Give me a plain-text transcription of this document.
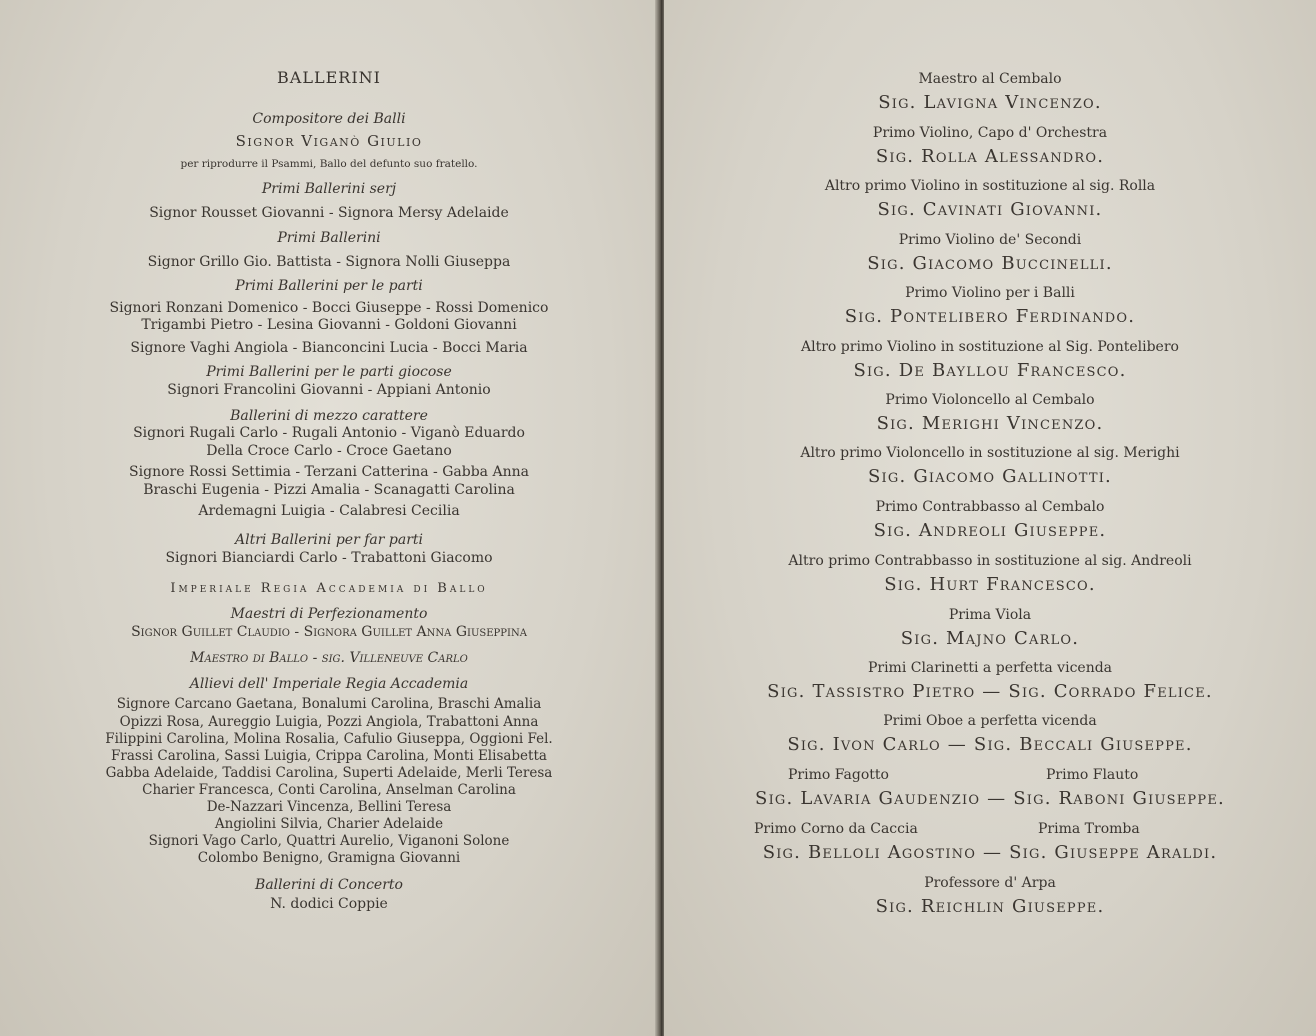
BALLERINI
Compositore dei Balli
Signor Viganò Giulio
per riprodurre il Psammi, Ballo del defunto suo fratello.
Primi Ballerini serj
Signor Rousset Giovanni - Signora Mersy Adelaide
Primi Ballerini
Signor Grillo Gio. Battista - Signora Nolli Giuseppa
Primi Ballerini per le parti
Signori Ronzani Domenico - Bocci Giuseppe - Rossi Domenico
Trigambi Pietro - Lesina Giovanni - Goldoni Giovanni
Signore Vaghi Angiola - Bianconcini Lucia - Bocci Maria
Primi Ballerini per le parti giocose
Signori Francolini Giovanni - Appiani Antonio
Ballerini di mezzo carattere
Signori Rugali Carlo - Rugali Antonio - Viganò Eduardo
Della Croce Carlo - Croce Gaetano
Signore Rossi Settimia - Terzani Catterina - Gabba Anna
Braschi Eugenia - Pizzi Amalia - Scanagatti Carolina
Ardemagni Luigia - Calabresi Cecilia
Altri Ballerini per far parti
Signori Bianciardi Carlo - Trabattoni Giacomo
Imperiale Regia Accademia di Ballo
Maestri di Perfezionamento
Signor Guillet Claudio - Signora Guillet Anna Giuseppina
Maestro di Ballo - sig. Villeneuve Carlo
Allievi dell' Imperiale Regia Accademia
Signore Carcano Gaetana, Bonalumi Carolina, Braschi Amalia
Opizzi Rosa, Aureggio Luigia, Pozzi Angiola, Trabattoni Anna
Filippini Carolina, Molina Rosalia, Cafulio Giuseppa, Oggioni Fel.
Frassi Carolina, Sassi Luigia, Crippa Carolina, Monti Elisabetta
Gabba Adelaide, Taddisi Carolina, Superti Adelaide, Merli Teresa
Charier Francesca, Conti Carolina, Anselman Carolina
De-Nazzari Vincenza, Bellini Teresa
Angiolini Silvia, Charier Adelaide
Signori Vago Carlo, Quattri Aurelio, Viganoni Solone
Colombo Benigno, Gramigna Giovanni
Ballerini di Concerto
N. dodici Coppie
Maestro al Cembalo
Sig. Lavigna Vincenzo.
Primo Violino, Capo d' Orchestra
Sig. Rolla Alessandro.
Altro primo Violino in sostituzione al sig. Rolla
Sig. Cavinati Giovanni.
Primo Violino de' Secondi
Sig. Giacomo Buccinelli.
Primo Violino per i Balli
Sig. Pontelibero Ferdinando.
Altro primo Violino in sostituzione al Sig. Pontelibero
Sig. De Bayllou Francesco.
Primo Violoncello al Cembalo
Sig. Merighi Vincenzo.
Altro primo Violoncello in sostituzione al sig. Merighi
Sig. Giacomo Gallinotti.
Primo Contrabbasso al Cembalo
Sig. Andreoli Giuseppe.
Altro primo Contrabbasso in sostituzione al sig. Andreoli
Sig. Hurt Francesco.
Prima Viola
Sig. Majno Carlo.
Primi Clarinetti a perfetta vicenda
Sig. Tassistro Pietro — Sig. Corrado Felice.
Primi Oboe a perfetta vicenda
Sig. Ivon Carlo — Sig. Beccali Giuseppe.
Primo Fagotto	Primo Flauto
Sig. Lavaria Gaudenzio — Sig. Raboni Giuseppe.
Primo Corno da Caccia	Prima Tromba
Sig. Belloli Agostino — Sig. Giuseppe Araldi.
Professore d' Arpa
Sig. Reichlin Giuseppe.
